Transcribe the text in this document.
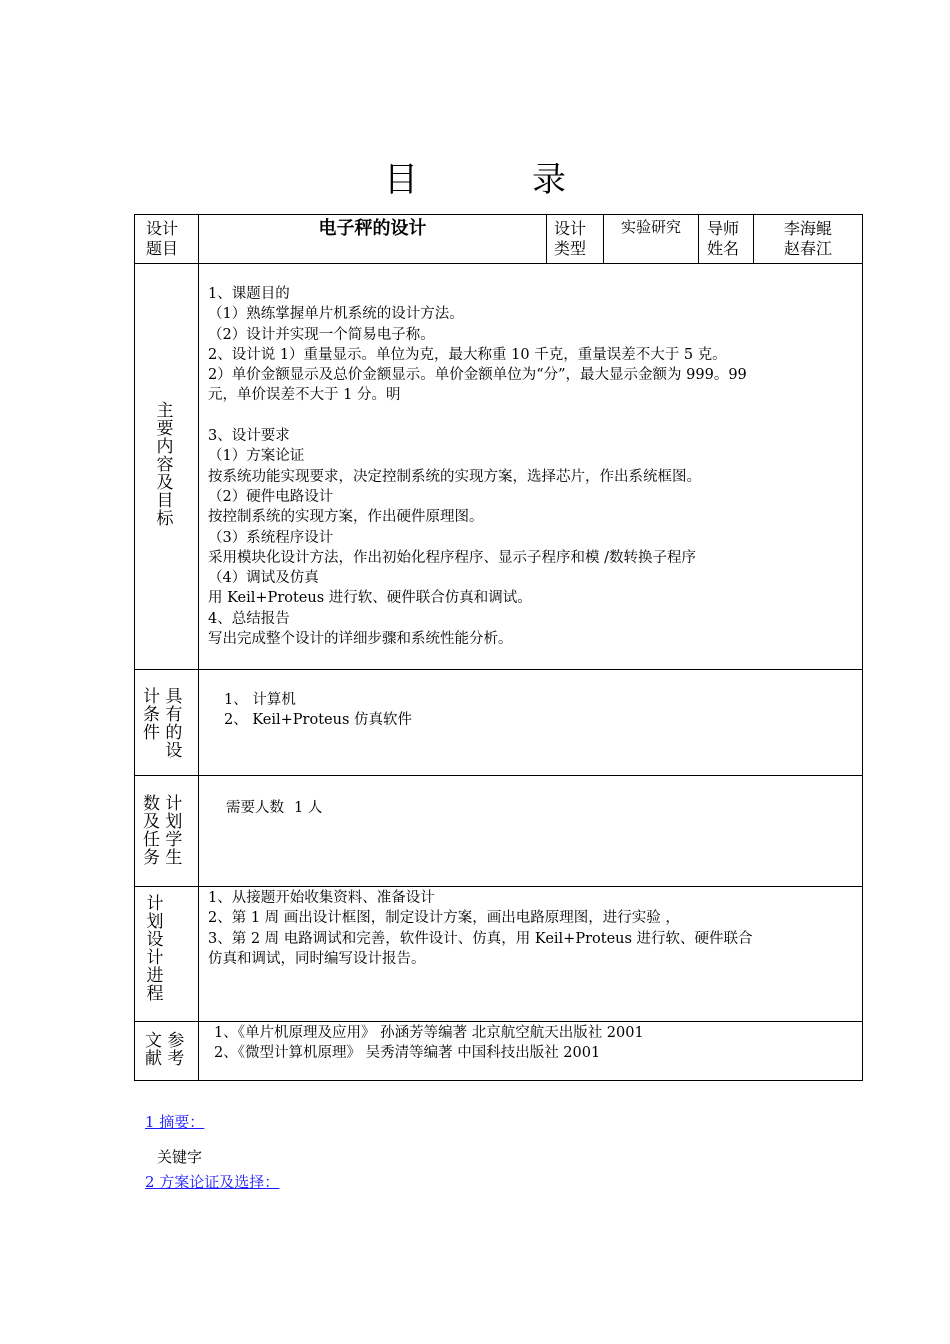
目　录
设计
题目
电子秤的设计	设计
类型
实验研究	导师
姓名
李海鲲
赵春江
主
要
内
容
及
目
标
1、课题目的
（1）熟练掌握单片机系统的设计方法。
（2）设计并实现一个简易电子称。
2、设计说 1）重量显示。单位为克，最大称重 10 千克，重量误差不大于 5 克。
2）单价金额显示及总价金额显示。单价金额单位为“分”，最大显示金额为 999。99
元，单价误差不大于 1 分。明
3、设计要求
（1）方案论证
按系统功能实现要求，决定控制系统的实现方案，选择芯片，作出系统框图。
（2）硬件电路设计
按控制系统的实现方案，作出硬件原理图。
（3）系统程序设计
采用模块化设计方法，作出初始化程序程序、显示子程序和模 /数转换子程序
（4）调试及仿真
用 Keil+Proteus 进行软、硬件联合仿真和调试。
4、总结报告
写出完成整个设计的详细步骤和系统性能分析。
计 具
条 有
件 的
　 设
1、 计算机
2、 Keil+Proteus 仿真软件
数 计
及 划
任 学
务 生
需要人数 1 人
计
划
设
计
进
程
1、从接题开始收集资料、准备设计
2、第 1 周 画出设计框图，制定设计方案，画出电路原理图，进行实验 ，
3、第 2 周 电路调试和完善，软件设计、仿真，用 Keil+Proteus 进行软、硬件联合
仿真和调试，同时编写设计报告。
文 参
献 考
1、《单片机原理及应用》 孙涵芳等编著 北京航空航天出版社 2001
2、《微型计算机原理》 吴秀清等编著 中国科技出版社 2001
1 摘要：
关键字
2 方案论证及选择：
